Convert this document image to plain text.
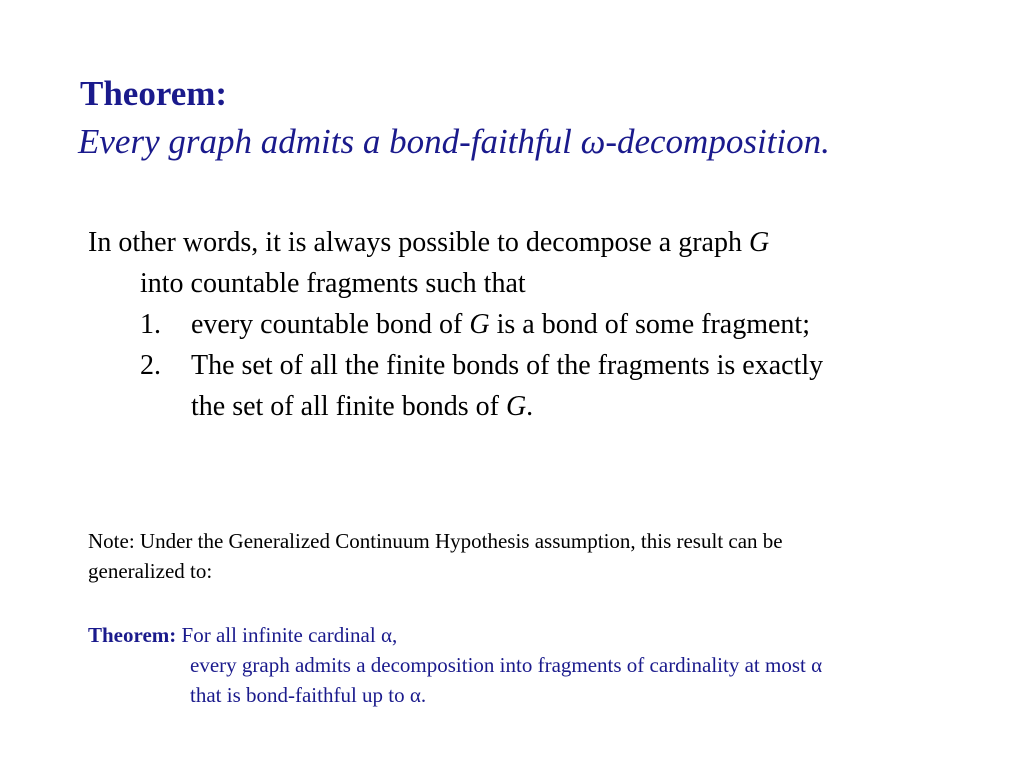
Theorem:
Every graph admits a bond-faithful ω-decomposition.
In other words, it is always possible to decompose a graph G
into countable fragments such that
1. every countable bond of G is a bond of some fragment;
2. The set of all the finite bonds of the fragments is exactly
the set of all finite bonds of G.
Note: Under the Generalized Continuum Hypothesis assumption, this result can be
generalized to:
Theorem: For all infinite cardinal α,
every graph admits a decomposition into fragments of cardinality at most α
that is bond-faithful up to α.
